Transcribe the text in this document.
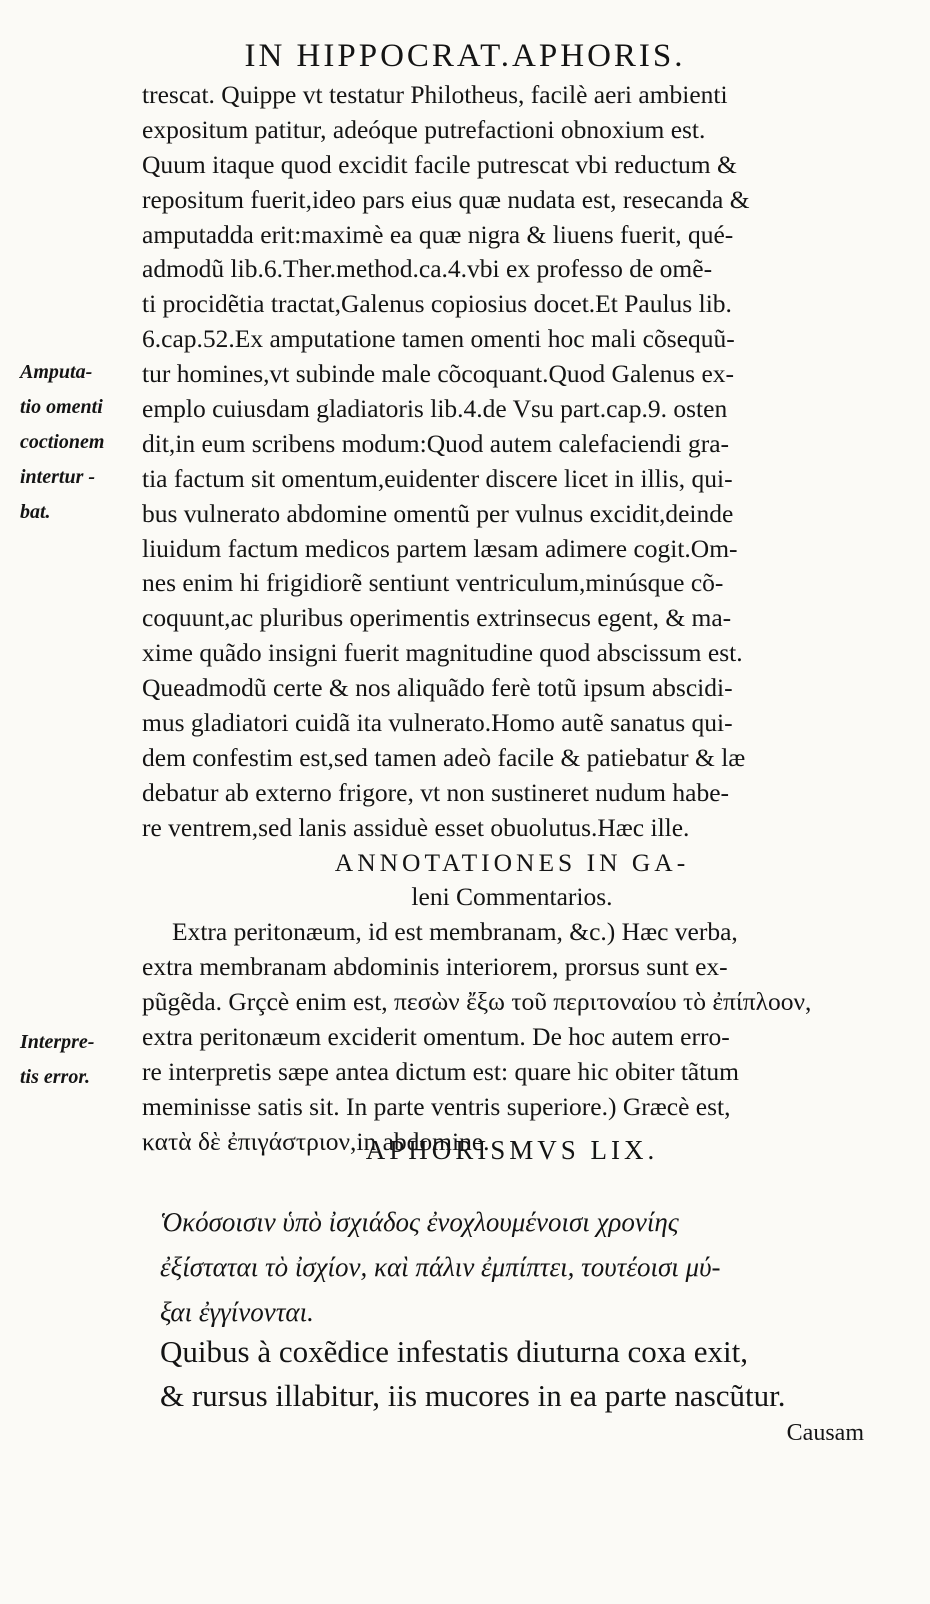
IN HIPPOCRAT.APHORIS.
trescat. Quippe vt testatur Philotheus, facilè aeri ambienti
expositum patitur, adeóque putrefactioni obnoxium est.
Quum itaque quod excidit facile putrescat vbi reductum &
repositum fuerit,ideo pars eius quæ nudata est, resecanda &
amputadda erit:maximè ea quæ nigra & liuens fuerit, qué-
admodũ lib.6.Ther.method.ca.4.vbi ex professo de omẽ-
ti procidẽtia tractat,Galenus copiosius docet.Et Paulus lib.
6.cap.52.Ex amputatione tamen omenti hoc mali cõsequũ-
tur homines,vt subinde male cõcoquant.Quod Galenus ex-
emplo cuiusdam gladiatoris lib.4.de Vsu part.cap.9. osten
dit,in eum scribens modum:Quod autem calefaciendi gra-
tia factum sit omentum,euidenter discere licet in illis, qui-
bus vulnerato abdomine omentũ per vulnus excidit,deinde
liuidum factum medicos partem læsam adimere cogit.Om-
nes enim hi frigidiorẽ sentiunt ventriculum,minúsque cõ-
coquunt,ac pluribus operimentis extrinsecus egent, & ma-
xime quãdo insigni fuerit magnitudine quod abscissum est.
Queadmodũ certe & nos aliquãdo ferè totũ ipsum abscidi-
mus gladiatori cuidã ita vulnerato.Homo autẽ sanatus qui-
dem confestim est,sed tamen adeò facile & patiebatur & læ
debatur ab externo frigore, vt non sustineret nudum habe-
re ventrem,sed lanis assiduè esset obuolutus.Hæc ille.
ANNOTATIONES IN GA-
leni Commentarios.
Extra peritonæum, id est membranam, &c.) Hæc verba,
extra membranam abdominis interiorem, prorsus sunt ex-
pũgẽda. Grçcè enim est, πεσὼν ἔξω τοῦ περιτοναίου τὸ ἐπίπλοον,
extra peritonæum exciderit omentum. De hoc autem erro-
re interpretis sæpe antea dictum est: quare hic obiter tãtum
meminisse satis sit. In parte ventris superiore.) Græcè est,
κατὰ δὲ ἐπιγάστριον,in abdomine.
APHORISMVS LIX.
Ὁκόσοισιν ὑπὸ ἰσχιάδος ἐνοχλουμένοισι χρονίης
ἐξίσταται τὸ ἰσχίον, καὶ πάλιν ἐμπίπτει, τουτέοισι μύ-
ξαι ἐγγίνονται.
Quibus à coxẽdice infestatis diuturna coxa exit,
& rursus illabitur, iis mucores in ea parte nascũtur.
Causam
Amputa-
tio omenti
coctionem
intertur -
bat.
Interpre-
tis error.
